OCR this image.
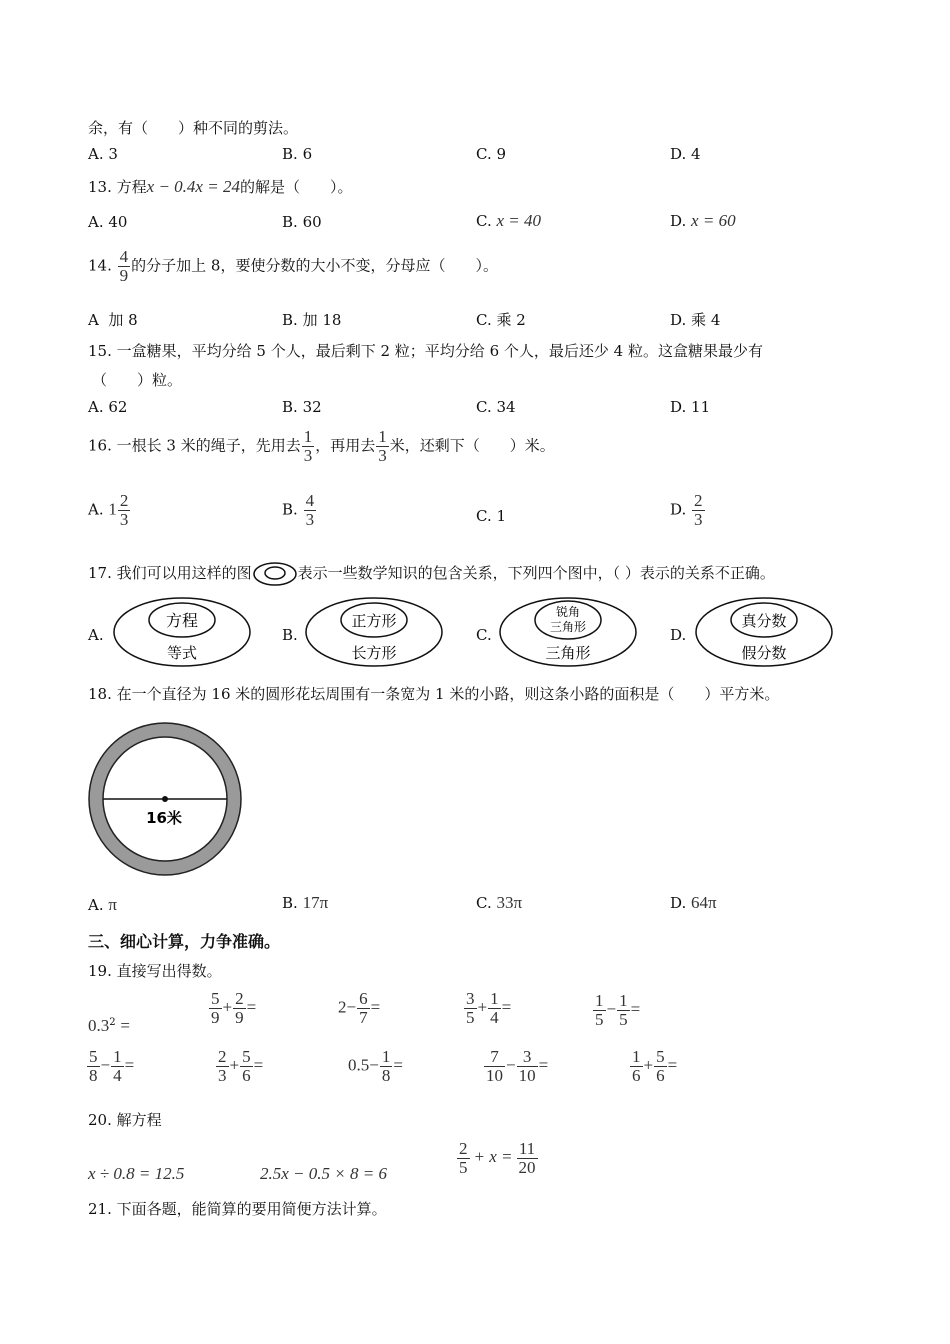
余，有（　　）种不同的剪法。
A. 3	B. 6	C. 9	D. 4
13. 方程x − 0.4x = 24的解是（　　）。
A. 40	B. 60	C. x = 40	D. x = 60
14. $\frac{4}{9}$ 的分子加上 8，要使分数的大小不变，分母应（　　）。
A 加 8	B. 加 18	C. 乘 2	D. 乘 4
15. 一盒糖果，平均分给 5 个人，最后剩下 2 粒；平均分给 6 个人，最后还少 4 粒。这盒糖果最少有
（　　）粒。
A. 62	B. 32	C. 34	D. 11
16. 一根长 3 米的绳子，先用去 $\frac{1}{3}$ ，再用去 $\frac{1}{3}$ 米，还剩下（　　）米。
A. $1 \frac{2}{3}$	B. $\frac{4}{3}$	C. 1	D. $\frac{2}{3}$
17. 我们可以用这样的图	表示一些数学知识的包含关系，下列四个图中，（ ）表示的关系不正确。
A.
方程
等式
B.
正方形
长方形
C.
锐角
三角形
三角形
D.
真分数
假分数
18. 在一个直径为 16 米的圆形花坛周围有一条宽为 1 米的小路，则这条小路的面积是（　　）平方米。
16米
A. π	B. 17π	C. 33π	D. 64π
三、细心计算，力争准确。
19. 直接写出得数。
$0.3^2$ =	$\frac{5}{9} + \frac{2}{9}$ =	$2- \frac{6}{7}$ =	$\frac{3}{5} + \frac{1}{4}$ =	$\frac{1}{5} - \frac{1}{5}$ =
$\frac{5}{8} - \frac{1}{4}$ =	$\frac{2}{3} + \frac{5}{6}$ =	$0.5- \frac{1}{8}$ =	$\frac{7}{10} - \frac{3}{10}$ =	$\frac{1}{6} + \frac{5}{6}$ =
20. 解方程
x ÷ 0.8 = 12.5	2.5x − 0.5 × 8 = 6	$\frac{2}{5} + x = \frac{11}{20}$
21. 下面各题，能简算的要用简便方法计算。
